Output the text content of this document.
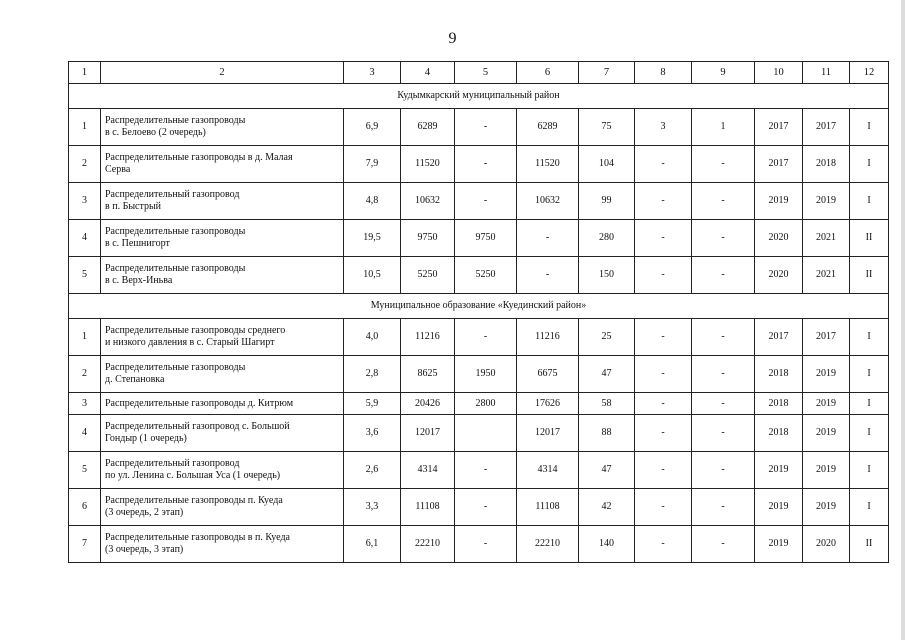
9
1	2	3	4	5	6	7	8	9	10	11	12
Кудымкарский муниципальный район											
1	Распределительные газопроводы
в с. Белоево (2 очередь)	6,9	6289	-	6289	75	3	1	2017	2017	I
2	Распределительные газопроводы в д. Малая
Серва	7,9	11520	-	11520	104	-	-	2017	2018	I
3	Распределительный газопровод
в п. Быстрый	4,8	10632	-	10632	99	-	-	2019	2019	I
4	Распределительные газопроводы
в с. Пешнигорт	19,5	9750	9750	-	280	-	-	2020	2021	II
5	Распределительные газопроводы
в с. Верх-Иньва	10,5	5250	5250	-	150	-	-	2020	2021	II
Муниципальное образование «Куединский район»											
1	Распределительные газопроводы среднего
и низкого давления в с. Старый Шагирт	4,0	11216	-	11216	25	-	-	2017	2017	I
2	Распределительные газопроводы
д. Степановка	2,8	8625	1950	6675	47	-	-	2018	2019	I
3	Распределительные газопроводы д. Китрюм	5,9	20426	2800	17626	58	-	-	2018	2019	I
4	Распределительный газопровод с. Большой
Гондыр (1 очередь)	3,6	12017		12017	88	-	-	2018	2019	I
5	Распределительный газопровод
по ул. Ленина с. Большая Уса (1 очередь)	2,6	4314	-	4314	47	-	-	2019	2019	I
6	Распределительные газопроводы п. Куеда
(3 очередь, 2 этап)	3,3	11108	-	11108	42	-	-	2019	2019	I
7	Распределительные газопроводы в п. Куеда
(3 очередь, 3 этап)	6,1	22210	-	22210	140	-	-	2019	2020	II
